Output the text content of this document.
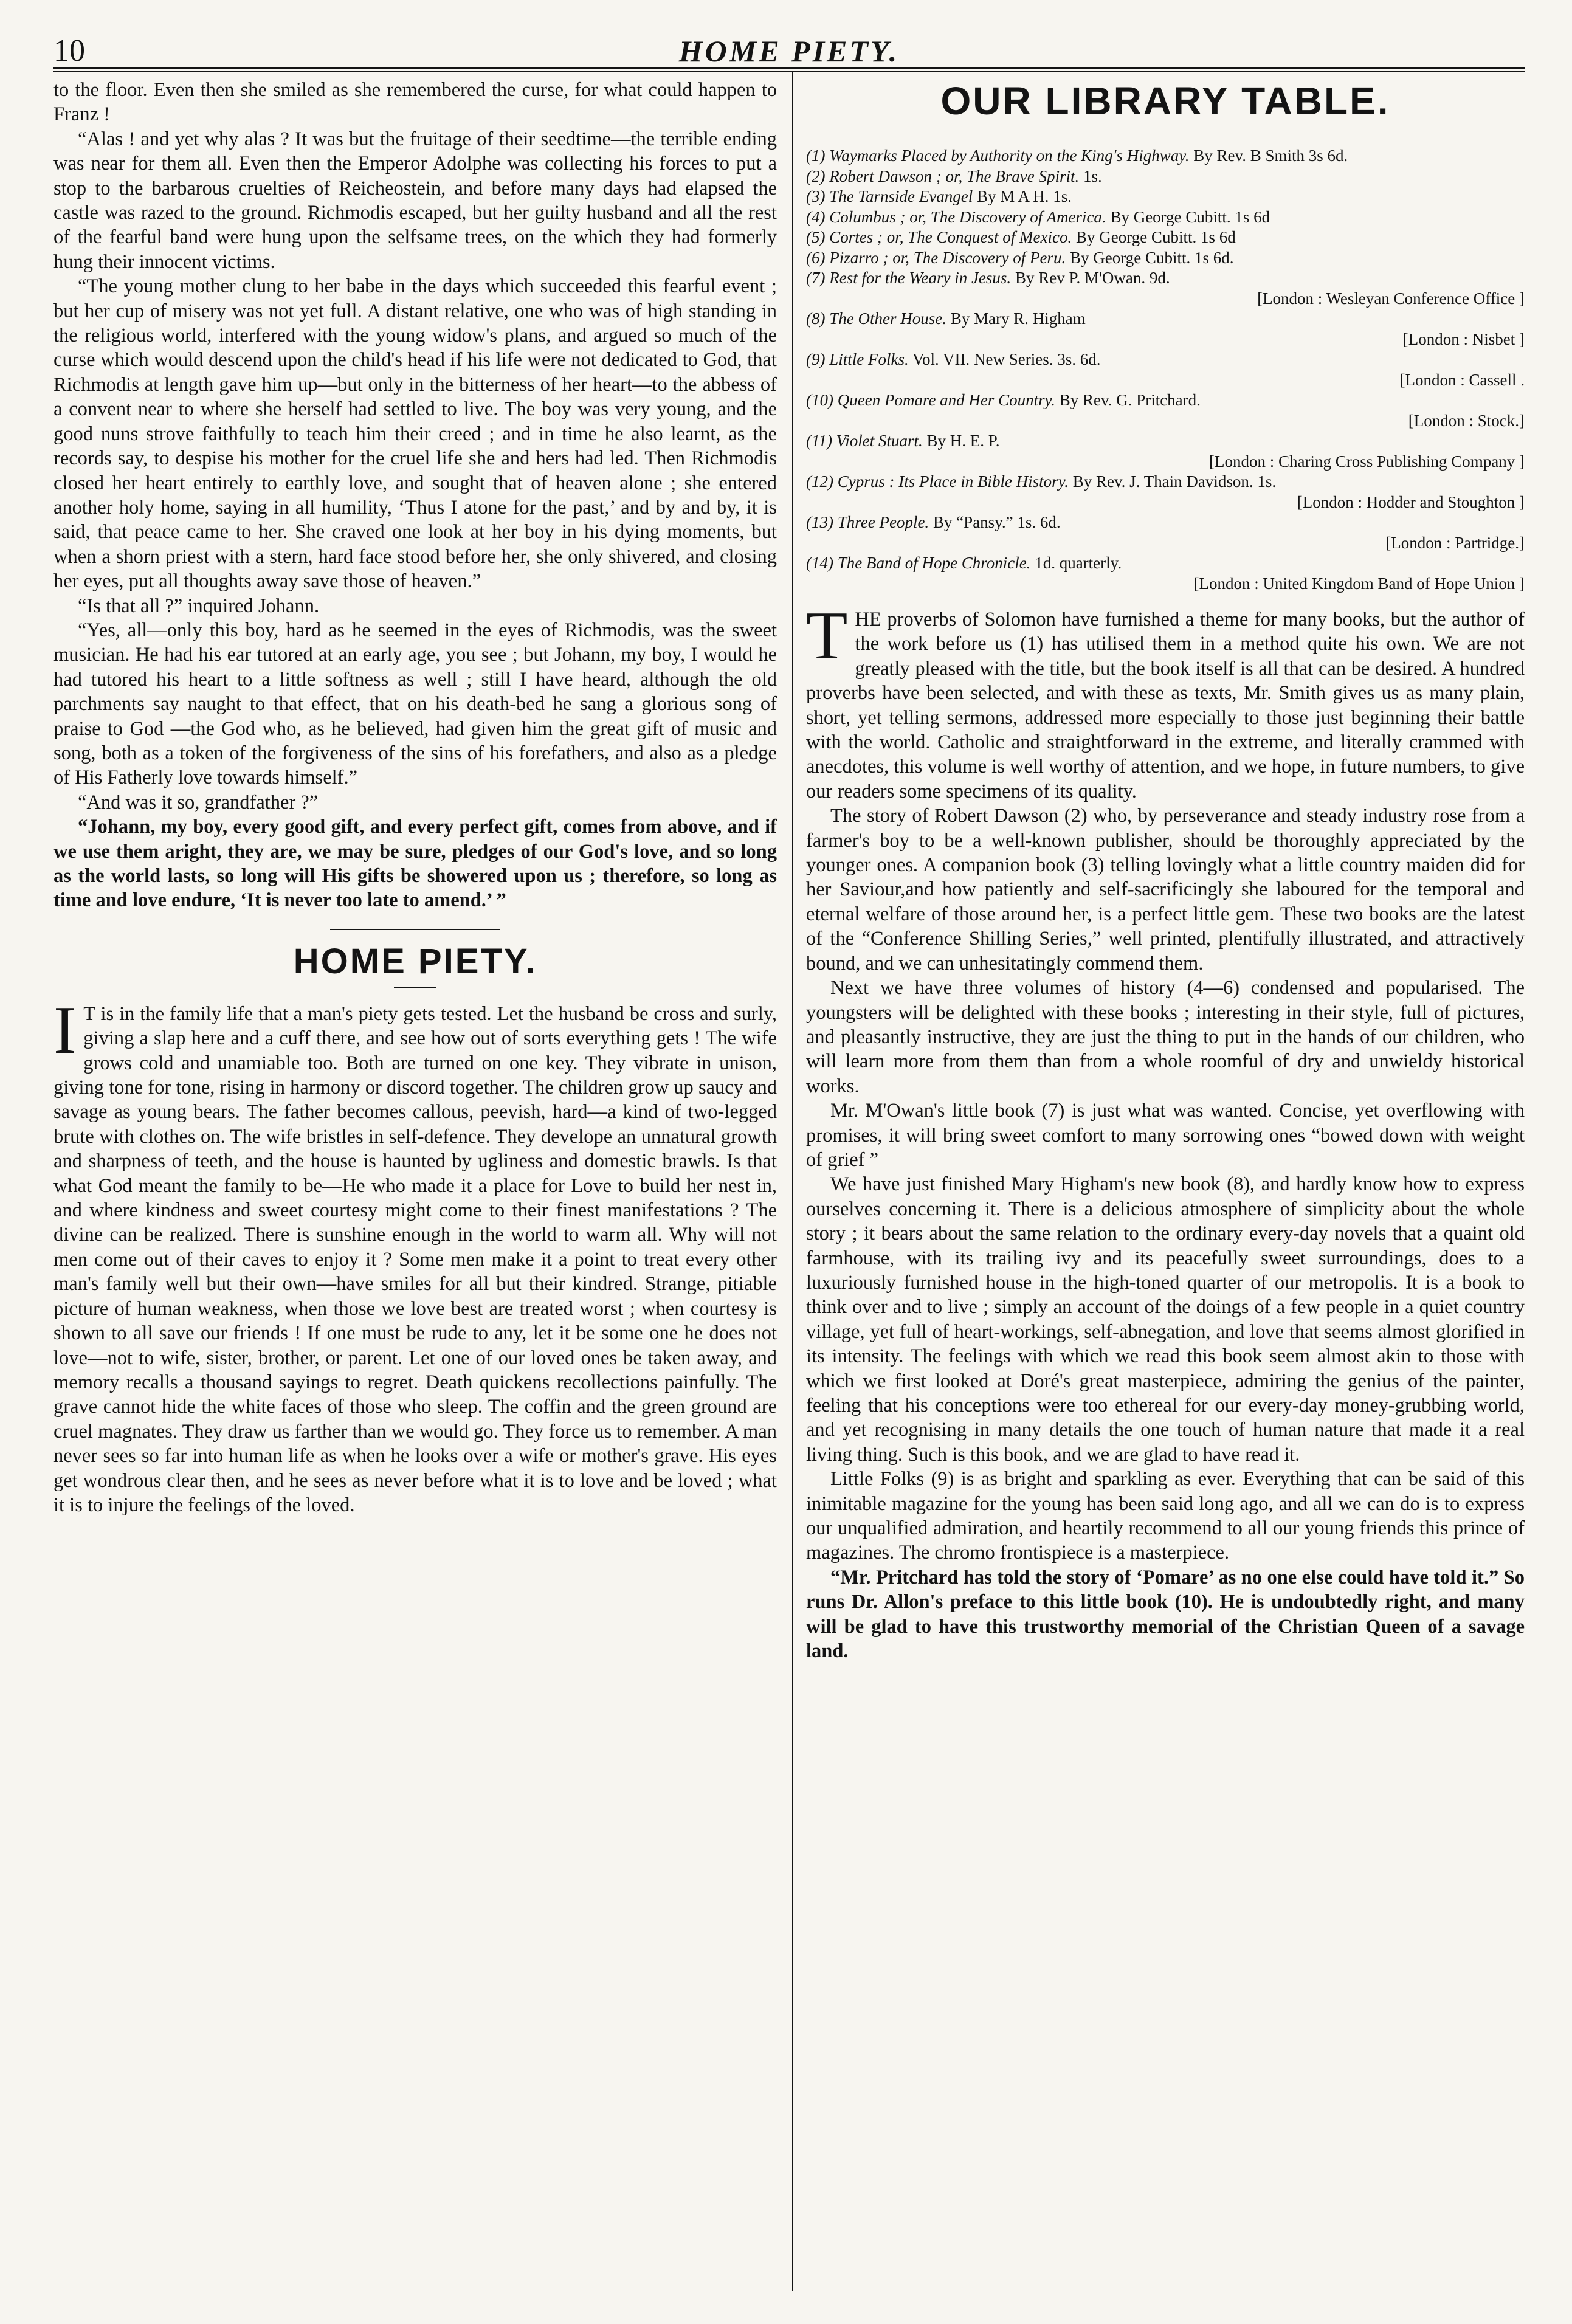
10	HOME PIETY.

to the floor. Even then she smiled as she remembered the curse, for what could happen to Franz !

“Alas ! and yet why alas ? It was but the fruitage of their seedtime—the terrible ending was near for them all. Even then the Emperor Adolphe was collecting his forces to put a stop to the barbarous cruelties of Reicheostein, and before many days had elapsed the castle was razed to the ground. Richmodis escaped, but her guilty husband and all the rest of the fearful band were hung upon the selfsame trees, on the which they had formerly hung their innocent victims.

“The young mother clung to her babe in the days which succeeded this fearful event ; but her cup of misery was not yet full. A distant relative, one who was of high standing in the religious world, interfered with the young widow's plans, and argued so much of the curse which would descend upon the child's head if his life were not dedicated to God, that Richmodis at length gave him up—but only in the bitterness of her heart—to the abbess of a convent near to where she herself had settled to live. The boy was very young, and the good nuns strove faithfully to teach him their creed ; and in time he also learnt, as the records say, to despise his mother for the cruel life she and hers had led. Then Richmodis closed her heart entirely to earthly love, and sought that of heaven alone ; she entered another holy home, saying in all humility, ‘Thus I atone for the past,’ and by and by, it is said, that peace came to her. She craved one look at her boy in his dying moments, but when a shorn priest with a stern, hard face stood before her, she only shivered, and closing her eyes, put all thoughts away save those of heaven.”

“Is that all ?” inquired Johann.

“Yes, all—only this boy, hard as he seemed in the eyes of Richmodis, was the sweet musician. He had his ear tutored at an early age, you see ; but Johann, my boy, I would he had tutored his heart to a little softness as well ; still I have heard, although the old parchments say naught to that effect, that on his death-bed he sang a glorious song of praise to God —the God who, as he believed, had given him the great gift of music and song, both as a token of the forgiveness of the sins of his forefathers, and also as a pledge of His Fatherly love towards himself.”

“And was it so, grandfather ?”

“Johann, my boy, every good gift, and every perfect gift, comes from above, and if we use them aright, they are, we may be sure, pledges of our God's love, and so long as the world lasts, so long will His gifts be showered upon us ; therefore, so long as time and love endure, ‘It is never too late to amend.’ ”

HOME PIETY.

I T is in the family life that a man's piety gets tested. Let the husband be cross and surly, giving a slap here and a cuff there, and see how out of sorts everything gets ! The wife grows cold and unamiable too. Both are turned on one key. They vibrate in unison, giving tone for tone, rising in harmony or discord together. The children grow up saucy and savage as young bears. The father becomes callous, peevish, hard—a kind of two-legged brute with clothes on. The wife bristles in self-defence. They develope an unnatural growth and sharpness of teeth, and the house is haunted by ugliness and domestic brawls. Is that what God meant the family to be—He who made it a place for Love to build her nest in, and where kindness and sweet courtesy might come to their finest manifestations ? The divine can be realized. There is sunshine enough in the world to warm all. Why will not men come out of their caves to enjoy it ? Some men make it a point to treat every other man's family well but their own—have smiles for all but their kindred. Strange, pitiable picture of human weakness, when those we love best are treated worst ; when courtesy is shown to all save our friends ! If one must be rude to any, let it be some one he does not love—not to wife, sister, brother, or parent. Let one of our loved ones be taken away, and memory recalls a thousand sayings to regret. Death quickens recollections painfully. The grave cannot hide the white faces of those who sleep. The coffin and the green ground are cruel magnates. They draw us farther than we would go. They force us to remember. A man never sees so far into human life as when he looks over a wife or mother's grave. His eyes get wondrous clear then, and he sees as never before what it is to love and be loved ; what it is to injure the feelings of the loved.

OUR LIBRARY TABLE.

(1) Waymarks Placed by Authority on the King's Highway. By Rev. B Smith 3s 6d.

(2) Robert Dawson ; or, The Brave Spirit. 1s.

(3) The Tarnside Evangel By M A H. 1s.

(4) Columbus ; or, The Discovery of America. By George Cubitt. 1s 6d

(5) Cortes ; or, The Conquest of Mexico. By George Cubitt. 1s 6d

(6) Pizarro ; or, The Discovery of Peru. By George Cubitt. 1s 6d.

(7) Rest for the Weary in Jesus. By Rev P. M'Owan. 9d.
[London : Wesleyan Conference Office ]

(8) The Other House. By Mary R. Higham
[London : Nisbet ]

(9) Little Folks. Vol. VII. New Series. 3s. 6d.
[London : Cassell .

(10) Queen Pomare and Her Country. By Rev. G. Pritchard.
[London : Stock.]

(11) Violet Stuart. By H. E. P.
[London : Charing Cross Publishing Company ]

(12) Cyprus : Its Place in Bible History. By Rev. J. Thain Davidson. 1s.
[London : Hodder and Stoughton ]

(13) Three People. By “Pansy.” 1s. 6d.
[London : Partridge.]

(14) The Band of Hope Chronicle. 1d. quarterly.
[London : United Kingdom Band of Hope Union ]

THE proverbs of Solomon have furnished a theme for many books, but the author of the work before us (1) has utilised them in a method quite his own. We are not greatly pleased with the title, but the book itself is all that can be desired. A hundred proverbs have been selected, and with these as texts, Mr. Smith gives us as many plain, short, yet telling sermons, addressed more especially to those just beginning their battle with the world. Catholic and straightforward in the extreme, and literally crammed with anecdotes, this volume is well worthy of attention, and we hope, in future numbers, to give our readers some specimens of its quality.

The story of Robert Dawson (2) who, by perseverance and steady industry rose from a farmer's boy to be a well-known publisher, should be thoroughly appreciated by the younger ones. A companion book (3) telling lovingly what a little country maiden did for her Saviour,and how patiently and self-sacrificingly she laboured for the temporal and eternal welfare of those around her, is a perfect little gem. These two books are the latest of the “Conference Shilling Series,” well printed, plentifully illustrated, and attractively bound, and we can unhesitatingly commend them.

Next we have three volumes of history (4—6) condensed and popularised. The youngsters will be delighted with these books ; interesting in their style, full of pictures, and pleasantly instructive, they are just the thing to put in the hands of our children, who will learn more from them than from a whole roomful of dry and unwieldy historical works.

Mr. M'Owan's little book (7) is just what was wanted. Concise, yet overflowing with promises, it will bring sweet comfort to many sorrowing ones “bowed down with weight of grief ”

We have just finished Mary Higham's new book (8), and hardly know how to express ourselves concerning it. There is a delicious atmosphere of simplicity about the whole story ; it bears about the same relation to the ordinary every-day novels that a quaint old farmhouse, with its trailing ivy and its peacefully sweet surroundings, does to a luxuriously furnished house in the high-toned quarter of our metropolis. It is a book to think over and to live ; simply an account of the doings of a few people in a quiet country village, yet full of heart-workings, self-abnegation, and love that seems almost glorified in its intensity. The feelings with which we read this book seem almost akin to those with which we first looked at Doré's great masterpiece, admiring the genius of the painter, feeling that his conceptions were too ethereal for our every-day money-grubbing world, and yet recognising in many details the one touch of human nature that made it a real living thing. Such is this book, and we are glad to have read it.

Little Folks (9) is as bright and sparkling as ever. Everything that can be said of this inimitable magazine for the young has been said long ago, and all we can do is to express our unqualified admiration, and heartily recommend to all our young friends this prince of magazines. The chromo frontispiece is a masterpiece.

“Mr. Pritchard has told the story of ‘Pomare’ as no one else could have told it.” So runs Dr. Allon's preface to this little book (10). He is undoubtedly right, and many will be glad to have this trustworthy memorial of the Christian Queen of a savage land.
